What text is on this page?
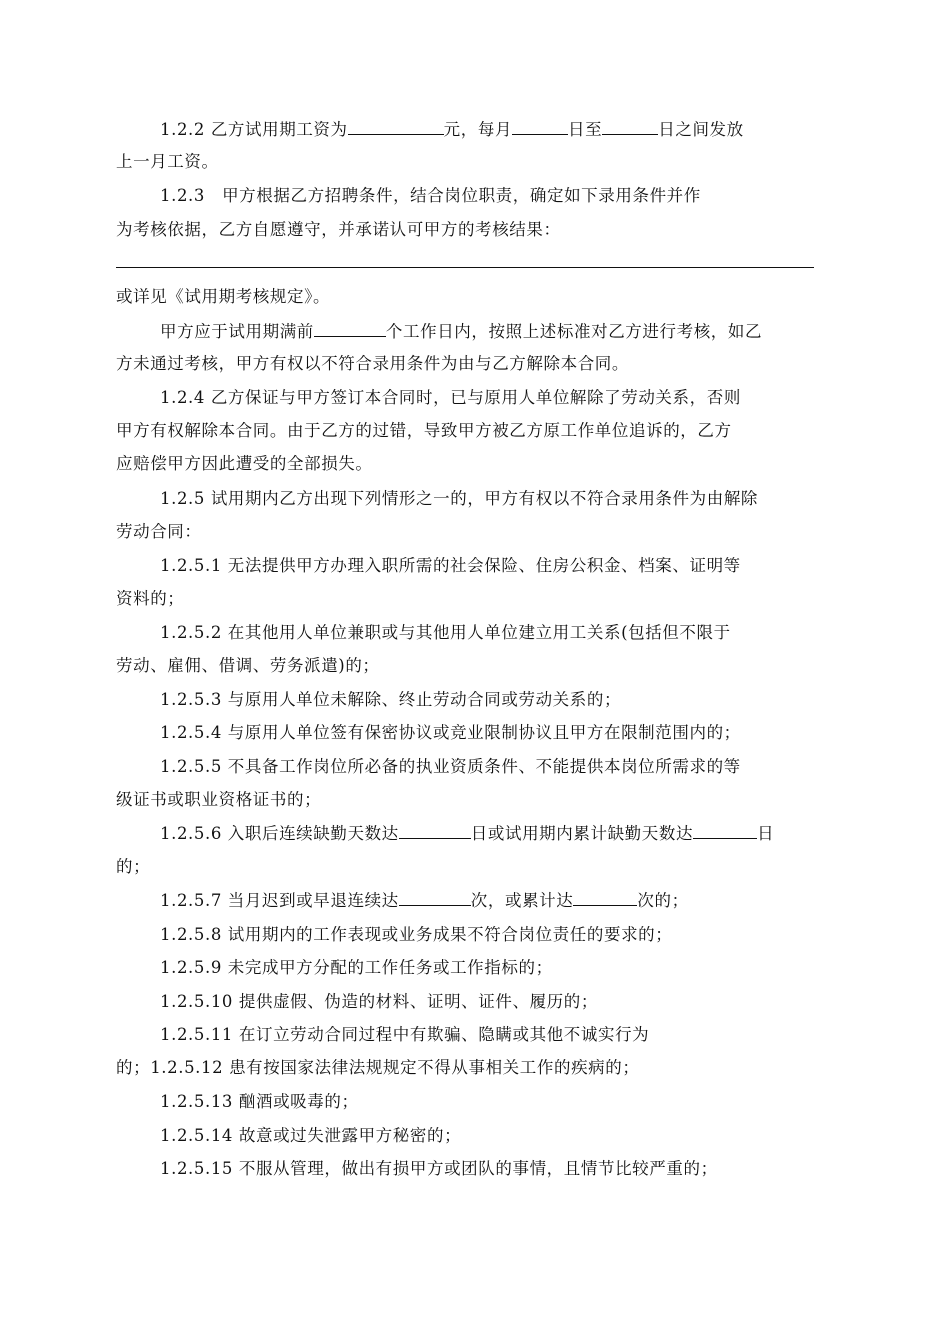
1.2.2 乙方试用期工资为	元，每月	日至	日之间发放
上一月工资。
1.2.3　甲方根据乙方招聘条件，结合岗位职责，确定如下录用条件并作
为考核依据，乙方自愿遵守，并承诺认可甲方的考核结果：
或详见《试用期考核规定》。
甲方应于试用期满前	个工作日内，按照上述标准对乙方进行考核，如乙
方未通过考核，甲方有权以不符合录用条件为由与乙方解除本合同。
1.2.4 乙方保证与甲方签订本合同时，已与原用人单位解除了劳动关系，否则
甲方有权解除本合同。由于乙方的过错，导致甲方被乙方原工作单位追诉的，乙方
应赔偿甲方因此遭受的全部损失。
1.2.5 试用期内乙方出现下列情形之一的，甲方有权以不符合录用条件为由解除
劳动合同：
1.2.5.1 无法提供甲方办理入职所需的社会保险、住房公积金、档案、证明等
资料的；
1.2.5.2 在其他用人单位兼职或与其他用人单位建立用工关系(包括但不限于
劳动、雇佣、借调、劳务派遣)的；
1.2.5.3 与原用人单位未解除、终止劳动合同或劳动关系的；
1.2.5.4 与原用人单位签有保密协议或竞业限制协议且甲方在限制范围内的；
1.2.5.5 不具备工作岗位所必备的执业资质条件、不能提供本岗位所需求的等
级证书或职业资格证书的；
1.2.5.6 入职后连续缺勤天数达	日或试用期内累计缺勤天数达	日
的；
1.2.5.7 当月迟到或早退连续达	次，或累计达	次的；
1.2.5.8 试用期内的工作表现或业务成果不符合岗位责任的要求的；
1.2.5.9 未完成甲方分配的工作任务或工作指标的；
1.2.5.10 提供虚假、伪造的材料、证明、证件、履历的；
1.2.5.11 在订立劳动合同过程中有欺骗、隐瞒或其他不诚实行为
的；1.2.5.12 患有按国家法律法规规定不得从事相关工作的疾病的；
1.2.5.13 酗酒或吸毒的；
1.2.5.14 故意或过失泄露甲方秘密的；
1.2.5.15 不服从管理，做出有损甲方或团队的事情，且情节比较严重的；
